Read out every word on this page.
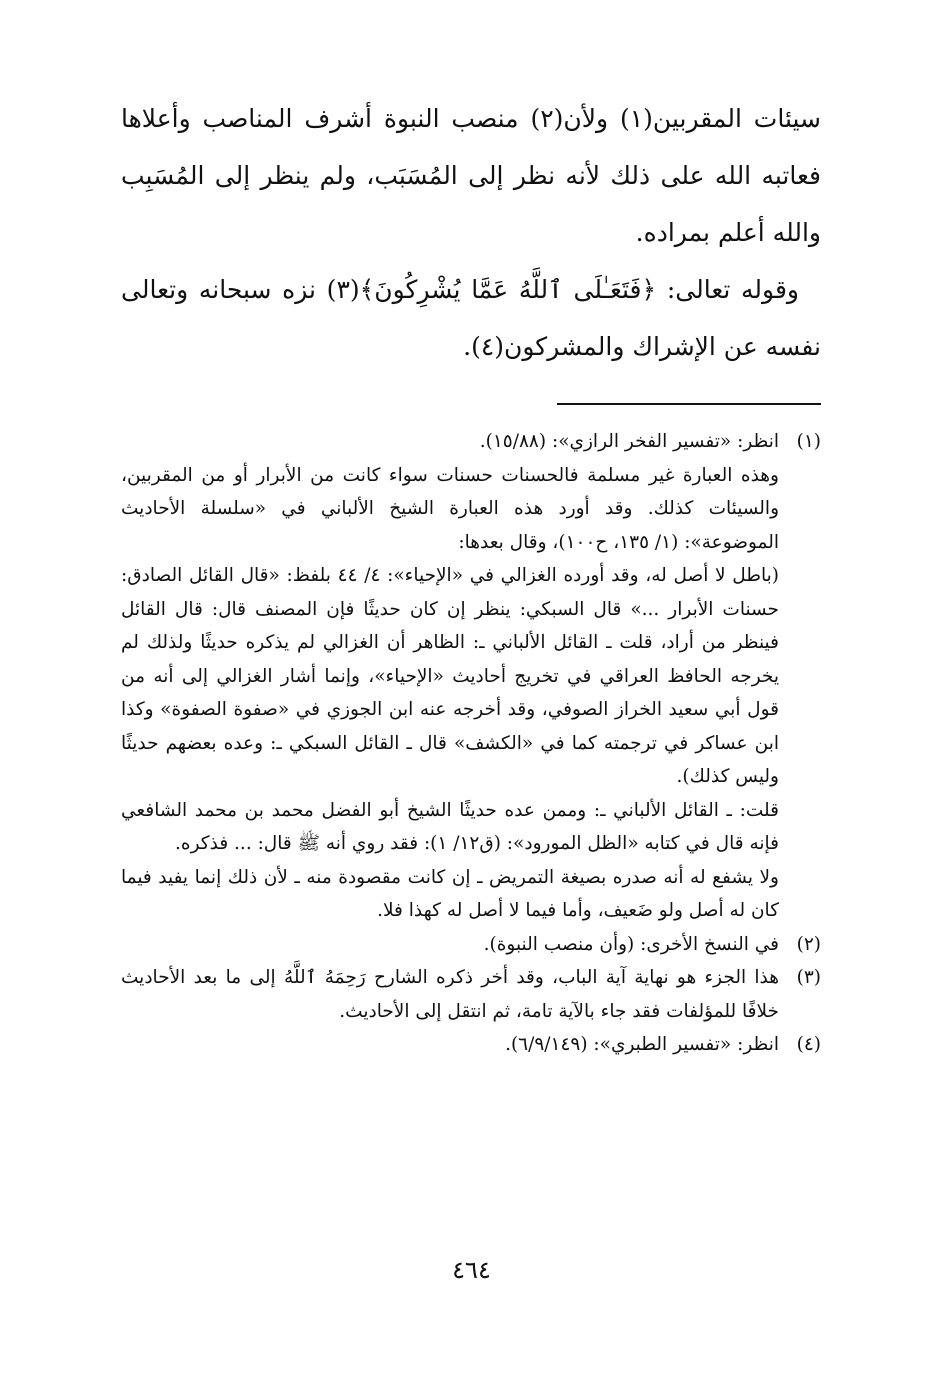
سيئات المقربين(١) ولأن(٢) منصب النبوة أشرف المناصب وأعلاها فعاتبه الله على ذلك لأنه نظر إلى المُسَبَب، ولم ينظر إلى المُسَبِب والله أعلم بمراده.

وقوله تعالى: ﴿فَتَعَـٰلَى ٱللَّهُ عَمَّا يُشْرِكُونَ﴾(٣) نزه سبحانه وتعالى نفسه عن الإشراك والمشركون(٤).

(١)

انظر: «تفسير الفخر الرازي»: (١٥/٨٨).

وهذه العبارة غير مسلمة فالحسنات حسنات سواء كانت من الأبرار أو من المقربين، والسيئات كذلك. وقد أورد هذه العبارة الشيخ الألباني في «سلسلة الأحاديث الموضوعة»: (١/ ١٣٥، ح١٠٠)، وقال بعدها:

(باطل لا أصل له، وقد أورده الغزالي في «الإحياء»: ٤/ ٤٤ بلفظ: «قال القائل الصادق: حسنات الأبرار ...» قال السبكي: ينظر إن كان حديثًا فإن المصنف قال: قال القائل فينظر من أراد، قلت ـ القائل الألباني ـ: الظاهر أن الغزالي لم يذكره حديثًا ولذلك لم يخرجه الحافظ العراقي في تخريج أحاديث «الإحياء»، وإنما أشار الغزالي إلى أنه من قول أبي سعيد الخراز الصوفي، وقد أخرجه عنه ابن الجوزي في «صفوة الصفوة» وكذا ابن عساكر في ترجمته كما في «الكشف» قال ـ القائل السبكي ـ: وعده بعضهم حديثًا وليس كذلك).

قلت: ـ القائل الألباني ـ: وممن عده حديثًا الشيخ أبو الفضل محمد بن محمد الشافعي فإنه قال في كتابه «الظل المورود»: (ق١٢/ ١): فقد روي أنه ﷺ قال: ... فذكره.

ولا يشفع له أنه صدره بصيغة التمريض ـ إن كانت مقصودة منه ـ لأن ذلك إنما يفيد فيما كان له أصل ولو ضَعيف، وأما فيما لا أصل له كهذا فلا.

(٢)

في النسخ الأخرى: (وأن منصب النبوة).

(٣)

هذا الجزء هو نهاية آية الباب، وقد أخر ذكره الشارح رَحِمَهُ ٱللَّهُ إلى ما بعد الأحاديث خلافًا للمؤلفات فقد جاء بالآية تامة، ثم انتقل إلى الأحاديث.

(٤)

انظر: «تفسير الطبري»: (٦/٩/١٤٩).

٤٦٤
